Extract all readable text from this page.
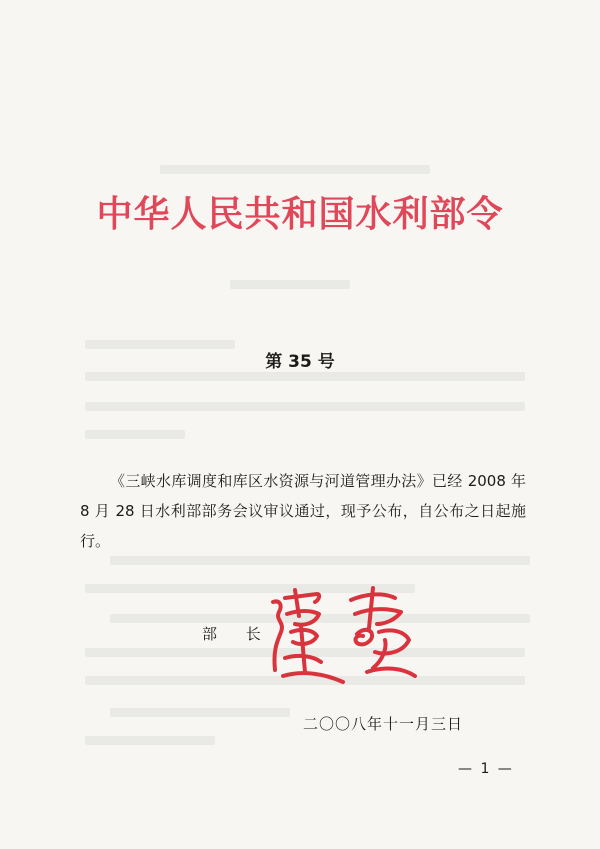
中华人民共和国水利部令
第 35 号
《三峡水库调度和库区水资源与河道管理办法》已经 2008 年 8 月 28 日水利部部务会议审议通过，现予公布，自公布之日起施行。
部 长
二〇〇八年十一月三日
— 1 —
